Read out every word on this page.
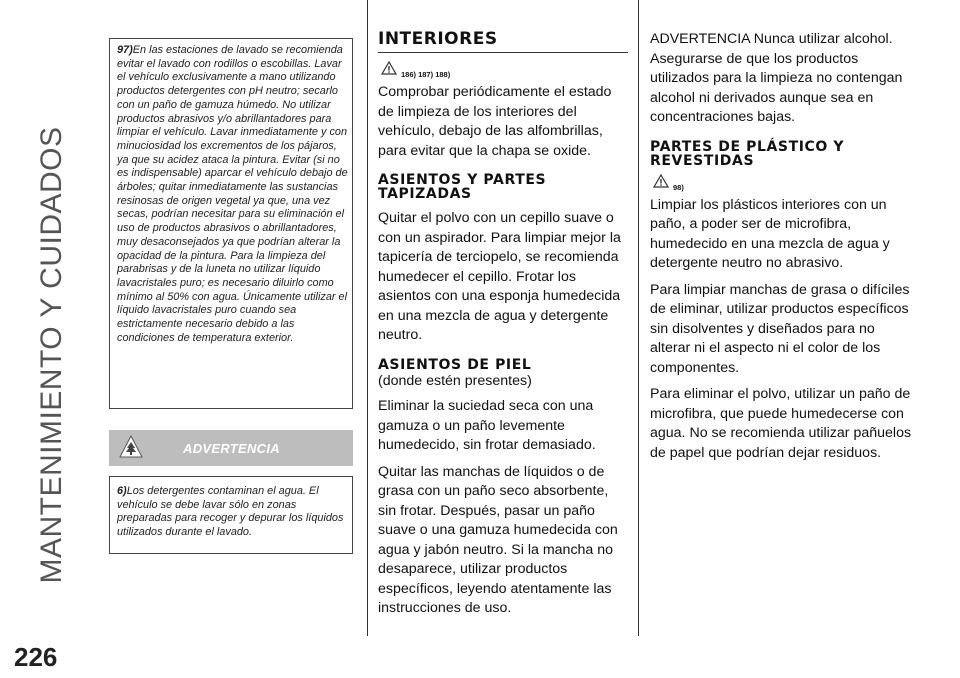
MANTENIMIENTO Y CUIDADOS
226
97)En las estaciones de lavado se recomienda evitar el lavado con rodillos o escobillas. Lavar el vehículo exclusivamente a mano utilizando productos detergentes con pH neutro; secarlo con un paño de gamuza húmedo. No utilizar productos abrasivos y/o abrillantadores para limpiar el vehículo. Lavar inmediatamente y con minuciosidad los excrementos de los pájaros, ya que su acidez ataca la pintura. Evitar (si no es indispensable) aparcar el vehículo debajo de árboles; quitar inmediatamente las sustancias resinosas de origen vegetal ya que, una vez secas, podrían necesitar para su eliminación el uso de productos abrasivos o abrillantadores, muy desaconsejados ya que podrían alterar la opacidad de la pintura. Para la limpieza del parabrisas y de la luneta no utilizar líquido lavacristales puro; es necesario diluirlo como mínimo al 50% con agua. Únicamente utilizar el líquido lavacristales puro cuando sea estrictamente necesario debido a las condiciones de temperatura exterior.
ADVERTENCIA
6)Los detergentes contaminan el agua. El vehículo se debe lavar sólo en zonas preparadas para recoger y depurar los líquidos utilizados durante el lavado.
INTERIORES
186) 187) 188)

Comprobar periódicamente el estado de limpieza de los interiores del vehículo, debajo de las alfombrillas, para evitar que la chapa se oxide.

ASIENTOS Y PARTES
TAPIZADAS

Quitar el polvo con un cepillo suave o con un aspirador. Para limpiar mejor la tapicería de terciopelo, se recomienda humedecer el cepillo. Frotar los asientos con una esponja humedecida en una mezcla de agua y detergente neutro.

ASIENTOS DE PIEL

(donde estén presentes)

Eliminar la suciedad seca con una gamuza o un paño levemente humedecido, sin frotar demasiado.

Quitar las manchas de líquidos o de grasa con un paño seco absorbente, sin frotar. Después, pasar un paño suave o una gamuza humedecida con agua y jabón neutro. Si la mancha no desaparece, utilizar productos específicos, leyendo atentamente las instrucciones de uso.

ADVERTENCIA Nunca utilizar alcohol. Asegurarse de que los productos utilizados para la limpieza no contengan alcohol ni derivados aunque sea en concentraciones bajas.

PARTES DE PLÁSTICO Y
REVESTIDAS
98)

Limpiar los plásticos interiores con un paño, a poder ser de microfibra, humedecido en una mezcla de agua y detergente neutro no abrasivo.

Para limpiar manchas de grasa o difíciles de eliminar, utilizar productos específicos sin disolventes y diseñados para no alterar ni el aspecto ni el color de los componentes.

Para eliminar el polvo, utilizar un paño de microfibra, que puede humedecerse con agua. No se recomienda utilizar pañuelos de papel que podrían dejar residuos.
